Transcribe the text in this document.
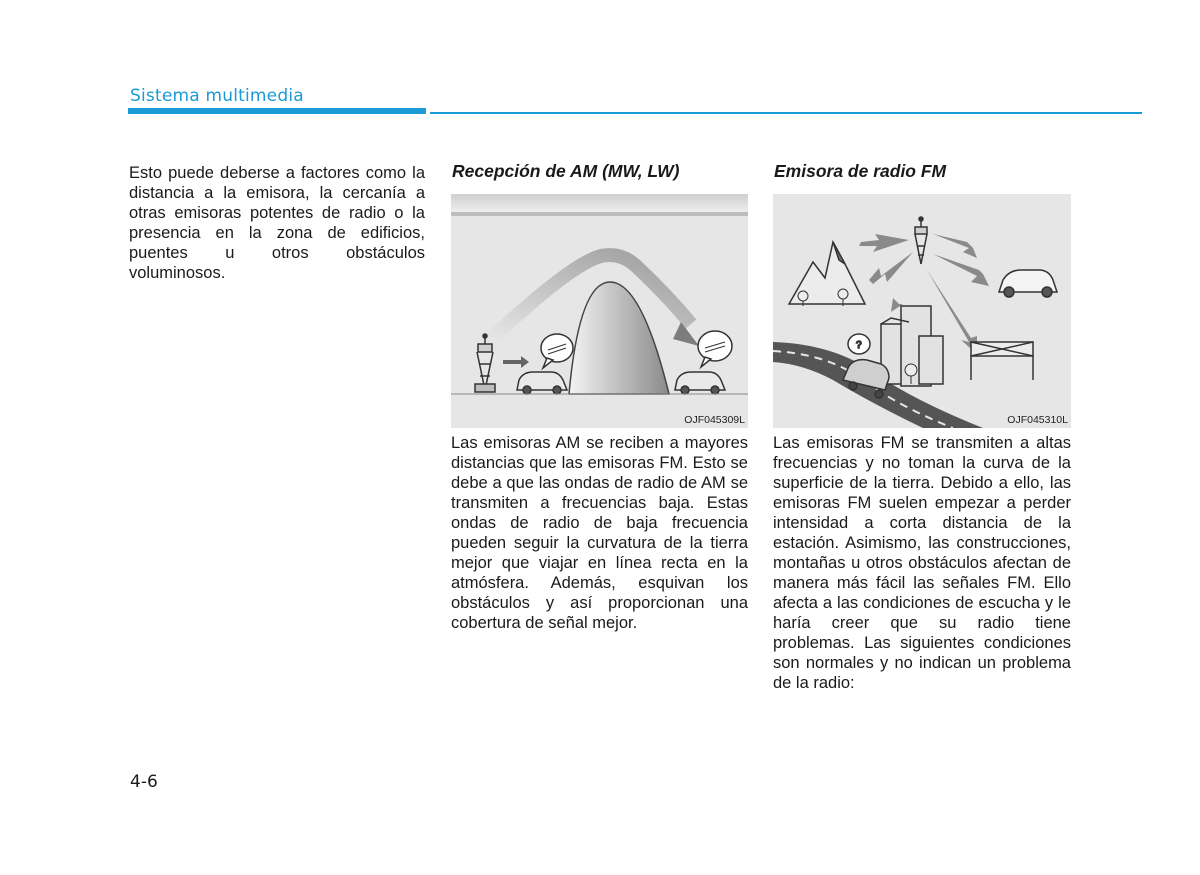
Sistema multimedia
Esto puede deberse a factores como la distancia a la emisora, la cercanía a otras emisoras potentes de radio o la presencia en la zona de edificios, puentes u otros obstáculos voluminosos.
Recepción de AM (MW, LW)
OJF045309L
Las emisoras AM se reciben a mayores distancias que las emisoras FM. Esto se debe a que las ondas de radio de AM se transmiten a frecuencias baja. Estas ondas de radio de baja frecuencia pueden seguir la curvatura de la tierra mejor que viajar en línea recta en la atmósfera. Además, esquivan los obstáculos y así proporcionan una cobertura de señal mejor.
Emisora de radio FM
?
OJF045310L
Las emisoras FM se transmiten a altas frecuencias y no toman la curva de la superficie de la tierra. Debido a ello, las emisoras FM suelen empezar a perder intensidad a corta distancia de la estación. Asimismo, las construcciones, montañas u otros obstáculos afectan de manera más fácil las señales FM. Ello afecta a las condiciones de escucha y le haría creer que su radio tiene problemas. Las siguientes condiciones son normales y no indican un problema de la radio:
4-6
